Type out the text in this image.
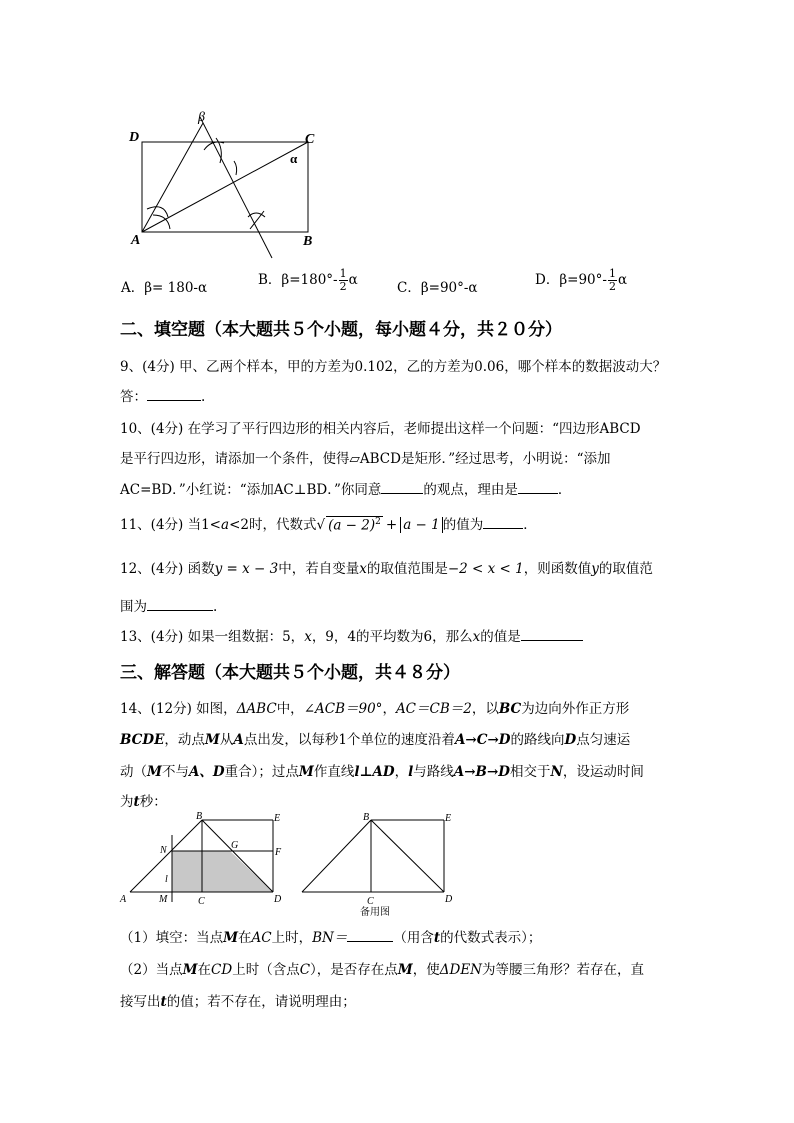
D	C
A	B
β
α
A．β= 180-α	B．$\beta=180^\circ- \frac{1}{2}$ α	C．β=90°-α	D．$\beta=90^\circ- \frac{1}{2}$ α
二、填空题（本大题共５个小题，每小题４分，共２０分）
9、(4分) 甲、乙两个样本，甲的方差为0.102，乙的方差为0.06，哪个样本的数据波动大？
答：	.
10、(4分) 在学习了平行四边形的相关内容后，老师提出这样一个问题：“四边形ABCD
是平行四边形，请添加一个条件，使得▱ABCD是矩形．”经过思考，小明说：“添加
AC=BD．”小红说：“添加AC⊥BD．”你同意	的观点，理由是	．
11、(4分) 当1<a<2时，代数式√ $(a - 2)^2 + a - 1$ 的值为	．
12、(4分) 函数y = x − 3中，若自变量x的取值范围是−2 < x < 1，则函数值y的取值范
围为	.
13、(4分) 如果一组数据：5，x，9，4的平均数为6，那么x的值是
三、解答题（本大题共５个小题，共４８分）
14、(12分) 如图，ΔABC中，∠ACB＝90°，AC＝CB＝2，以BC为边向外作正方形
BCDE，动点M从A点出发，以每秒1个单位的速度沿着A→C→D的路线向D点匀速运
动（M不与A、D重合）；过点M作直线l⊥AD，l与路线A→B→D相交于N，设运动时间
为t秒：
B	E
N	G
F
l
A	M	C	D
B	E
C	D
备用图
（1）填空：当点M在AC上时，BN＝	（用含t的代数式表示）；
（2）当点M在CD上时（含点C），是否存在点M，使ΔDEN为等腰三角形？若存在，直
接写出t的值；若不存在，请说明理由；
